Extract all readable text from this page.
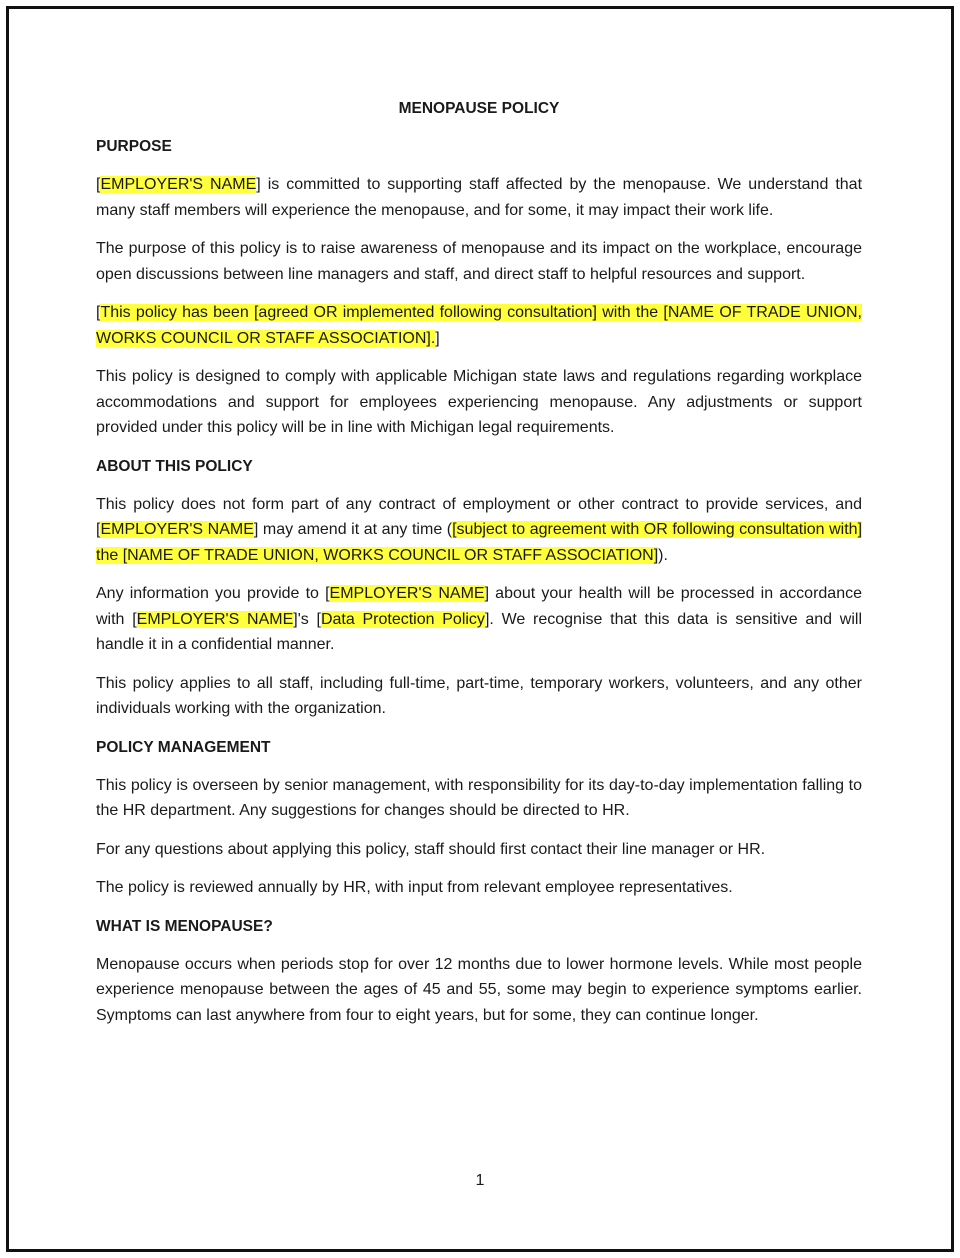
MENOPAUSE POLICY
PURPOSE

[EMPLOYER'S NAME] is committed to supporting staff affected by the menopause. We understand that many staff members will experience the menopause, and for some, it may impact their work life.

The purpose of this policy is to raise awareness of menopause and its impact on the workplace, encourage open discussions between line managers and staff, and direct staff to helpful resources and support.

[This policy has been [agreed OR implemented following consultation] with the [NAME OF TRADE UNION, WORKS COUNCIL OR STAFF ASSOCIATION].]

This policy is designed to comply with applicable Michigan state laws and regulations regarding workplace accommodations and support for employees experiencing menopause. Any adjustments or support provided under this policy will be in line with Michigan legal requirements.

ABOUT THIS POLICY

This policy does not form part of any contract of employment or other contract to provide services, and [EMPLOYER'S NAME] may amend it at any time ([subject to agreement with OR following consultation with] the [NAME OF TRADE UNION, WORKS COUNCIL OR STAFF ASSOCIATION]).

Any information you provide to [EMPLOYER'S NAME] about your health will be processed in accordance with [EMPLOYER'S NAME]'s [Data Protection Policy]. We recognise that this data is sensitive and will handle it in a confidential manner.

This policy applies to all staff, including full-time, part-time, temporary workers, volunteers, and any other individuals working with the organization.

POLICY MANAGEMENT

This policy is overseen by senior management, with responsibility for its day-to-day implementation falling to the HR department. Any suggestions for changes should be directed to HR.

For any questions about applying this policy, staff should first contact their line manager or HR.

The policy is reviewed annually by HR, with input from relevant employee representatives.

WHAT IS MENOPAUSE?

Menopause occurs when periods stop for over 12 months due to lower hormone levels. While most people experience menopause between the ages of 45 and 55, some may begin to experience symptoms earlier. Symptoms can last anywhere from four to eight years, but for some, they can continue longer.

1
